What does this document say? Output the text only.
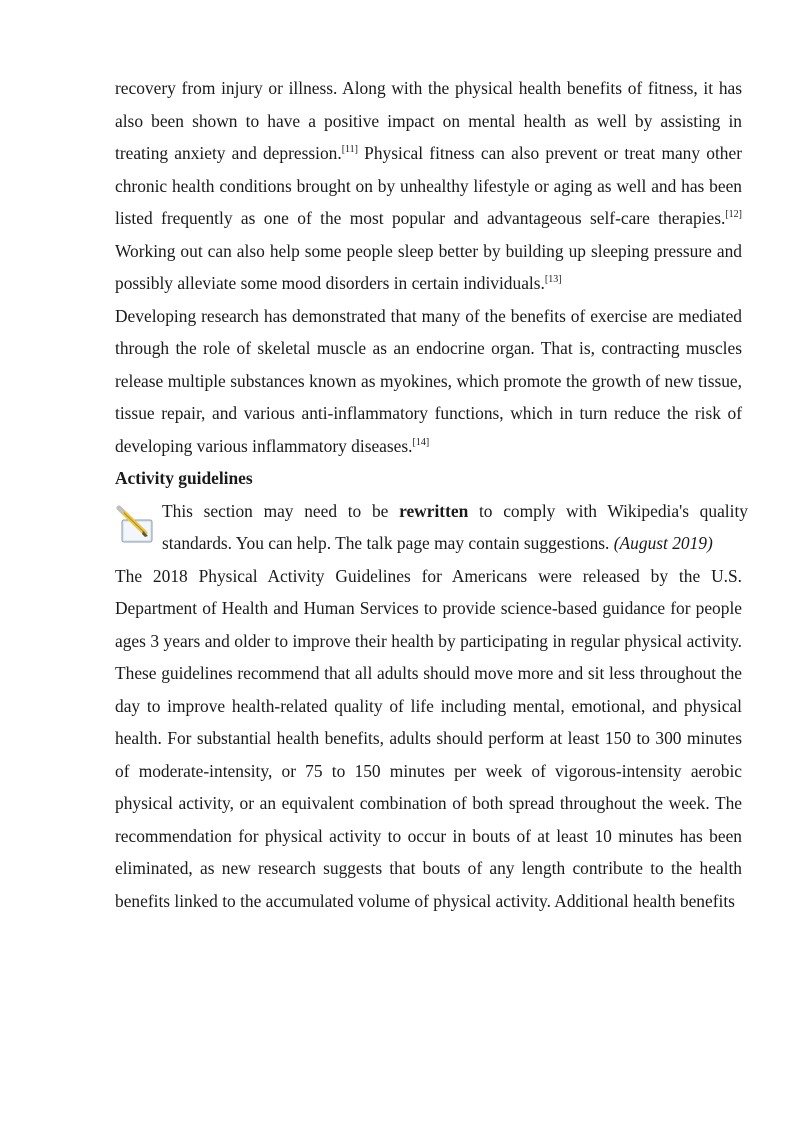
recovery from injury or illness. Along with the physical health benefits of fitness, it has also been shown to have a positive impact on mental health as well by assisting in treating anxiety and depression.[11] Physical fitness can also prevent or treat many other chronic health conditions brought on by unhealthy lifestyle or aging as well and has been listed frequently as one of the most popular and advantageous self-care therapies.[12] Working out can also help some people sleep better by building up sleeping pressure and possibly alleviate some mood disorders in certain individuals.[13]

Developing research has demonstrated that many of the benefits of exercise are mediated through the role of skeletal muscle as an endocrine organ. That is, contracting muscles release multiple substances known as myokines, which promote the growth of new tissue, tissue repair, and various anti-inflammatory functions, which in turn reduce the risk of developing various inflammatory diseases.[14]

Activity guidelines

This section may need to be rewritten to comply with Wikipedia's quality standards. You can help. The talk page may contain suggestions. (August 2019)

The 2018 Physical Activity Guidelines for Americans were released by the U.S. Department of Health and Human Services to provide science-based guidance for people ages 3 years and older to improve their health by participating in regular physical activity. These guidelines recommend that all adults should move more and sit less throughout the day to improve health-related quality of life including mental, emotional, and physical health. For substantial health benefits, adults should perform at least 150 to 300 minutes of moderate-intensity, or 75 to 150 minutes per week of vigorous-intensity aerobic physical activity, or an equivalent combination of both spread throughout the week. The recommendation for physical activity to occur in bouts of at least 10 minutes has been eliminated, as new research suggests that bouts of any length contribute to the health benefits linked to the accumulated volume of physical activity. Additional health benefits
